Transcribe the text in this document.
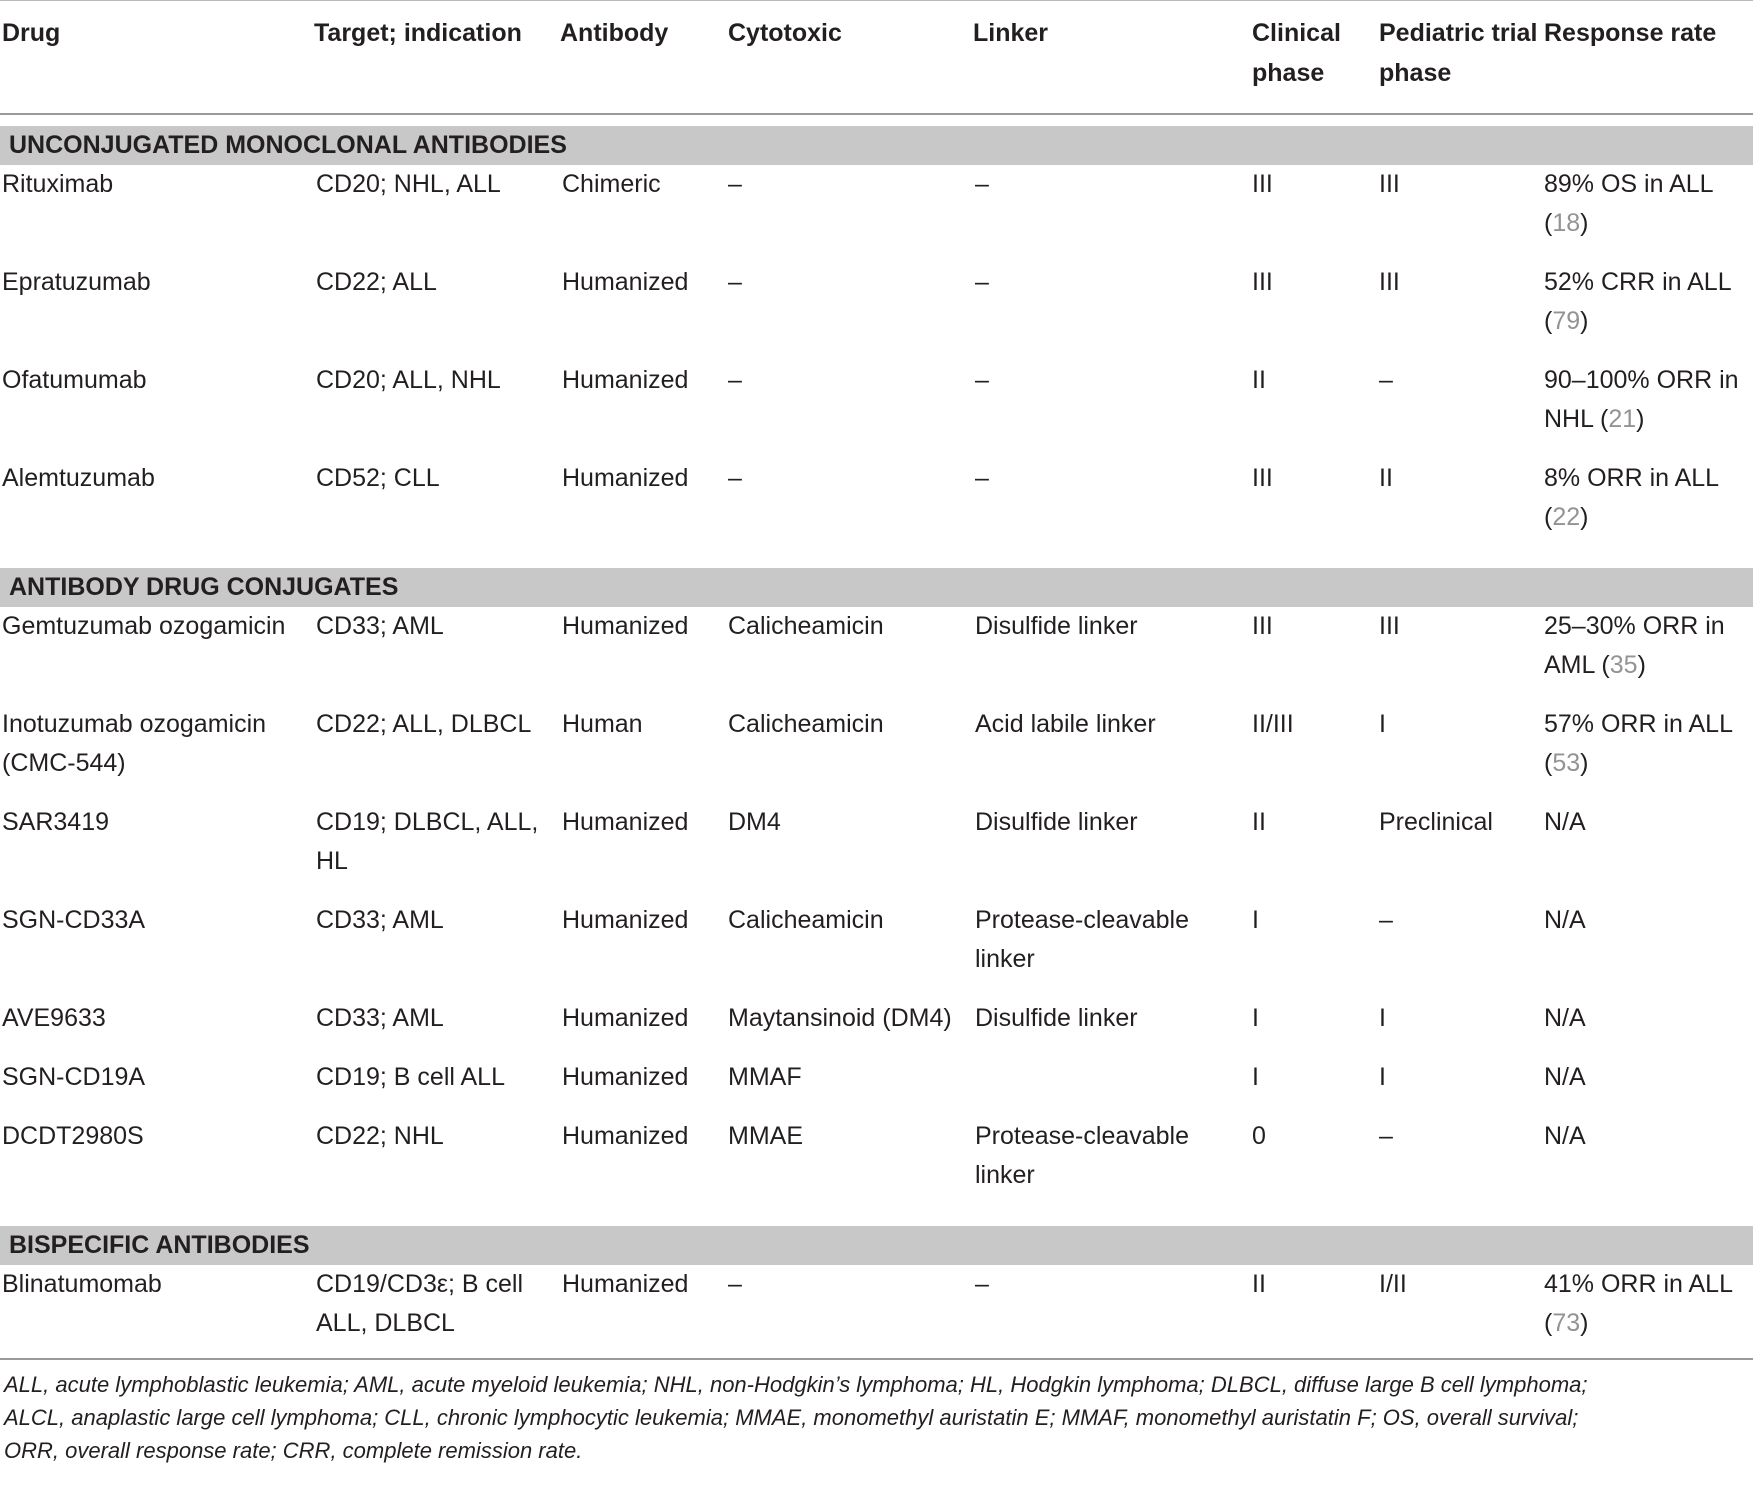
Drug	Target; indication	Antibody	Cytotoxic	Linker	Clinical phase	Pediatric trial phase	Response rate

UNCONJUGATED MONOCLONAL ANTIBODIES							

Rituximab	CD20; NHL, ALL	Chimeric	–	–	III	III	89% OS in ALL (18)
Epratuzumab	CD22; ALL	Humanized	–	–	III	III	52% CRR in ALL (79)
Ofatumumab	CD20; ALL, NHL	Humanized	–	–	II	–	90–100% ORR in NHL (21)
Alemtuzumab	CD52; CLL	Humanized	–	–	III	II	8% ORR in ALL (22)

ANTIBODY DRUG CONJUGATES							

Gemtuzumab ozogamicin	CD33; AML	Humanized	Calicheamicin	Disulfide linker	III	III	25–30% ORR in AML (35)
Inotuzumab ozogamicin (CMC-544)	CD22; ALL, DLBCL	Human	Calicheamicin	Acid labile linker	II/III	I	57% ORR in ALL (53)
SAR3419	CD19; DLBCL, ALL, HL	Humanized	DM4	Disulfide linker	II	Preclinical	N/A
SGN-CD33A	CD33; AML	Humanized	Calicheamicin	Protease-cleavable linker	I	–	N/A
AVE9633	CD33; AML	Humanized	Maytansinoid (DM4)	Disulfide linker	I	I	N/A
SGN-CD19A	CD19; B cell ALL	Humanized	MMAF		I	I	N/A
DCDT2980S	CD22; NHL	Humanized	MMAE	Protease-cleavable linker	0	–	N/A

BISPECIFIC ANTIBODIES							

Blinatumomab	CD19/CD3ε; B cell ALL, DLBCL	Humanized	–	–	II	I/II	41% ORR in ALL (73)
ALL, acute lymphoblastic leukemia; AML, acute myeloid leukemia; NHL, non-Hodgkin’s lymphoma; HL, Hodgkin lymphoma; DLBCL, diffuse large B cell lymphoma;
ALCL, anaplastic large cell lymphoma; CLL, chronic lymphocytic leukemia; MMAE, monomethyl auristatin E; MMAF, monomethyl auristatin F; OS, overall survival;
ORR, overall response rate; CRR, complete remission rate.
